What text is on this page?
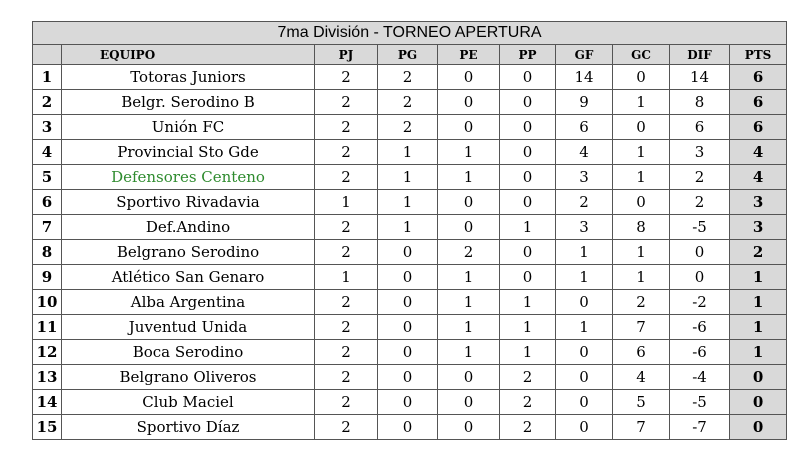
7ma División - TORNEO APERTURA									
	EQUIPO	PJ	PG	PE	PP	GF	GC	DIF	PTS
1	Totoras Juniors	2	2	0	0	14	0	14	6
2	Belgr. Serodino B	2	2	0	0	9	1	8	6
3	Unión FC	2	2	0	0	6	0	6	6
4	Provincial Sto Gde	2	1	1	0	4	1	3	4
5	Defensores Centeno	2	1	1	0	3	1	2	4
6	Sportivo Rivadavia	1	1	0	0	2	0	2	3
7	Def.Andino	2	1	0	1	3	8	-5	3
8	Belgrano Serodino	2	0	2	0	1	1	0	2
9	Atlético San Genaro	1	0	1	0	1	1	0	1
10	Alba Argentina	2	0	1	1	0	2	-2	1
11	Juventud Unida	2	0	1	1	1	7	-6	1
12	Boca Serodino	2	0	1	1	0	6	-6	1
13	Belgrano Oliveros	2	0	0	2	0	4	-4	0
14	Club Maciel	2	0	0	2	0	5	-5	0
15	Sportivo Díaz	2	0	0	2	0	7	-7	0
